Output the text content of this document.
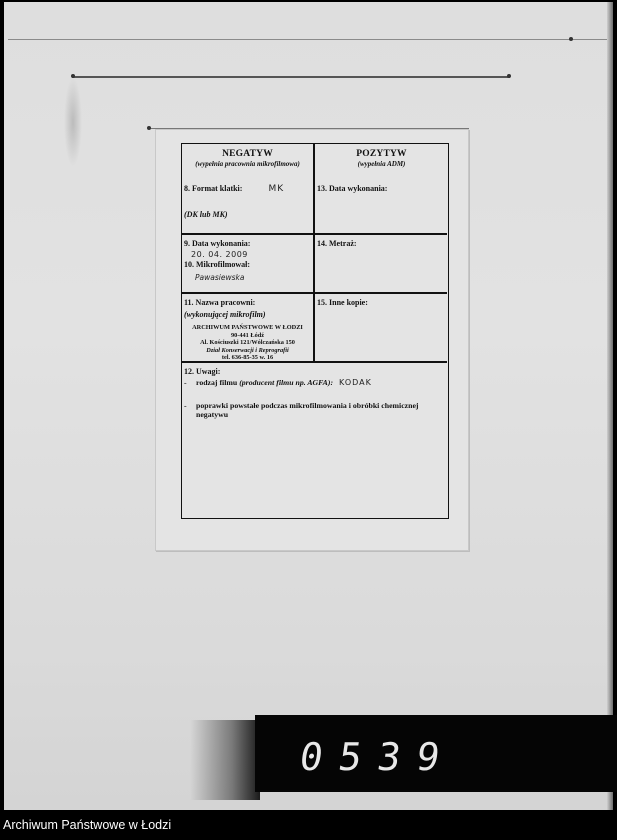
NEGATYW
(wypełnia pracownia mikrofilmowa)
8. Format klatki:	MK
(DK lub MK)
POZYTYW
(wypełnia ADM)
13. Data wykonania:
9. Data wykonania:
20. 04. 2009
10. Mikrofilmował:
Pawasiewska
14. Metraż:
11. Nazwa pracowni:
(wykonującej mikrofilm)
ARCHIWUM PAŃSTWOWE W ŁODZI
90-441 Łódź
Al. Kościuszki 121/Wólczańska 150
Dział Konserwacji i Reprografii
tel. 636-85-35 w. 16
15. Inne kopie:
12. Uwagi:
-	rodzaj filmu (producent filmu np. AGFA): KODAK
-	poprawki powstałe podczas mikrofilmowania i obróbki chemicznej negatywu
0539
Archiwum Państwowe w Łodzi
